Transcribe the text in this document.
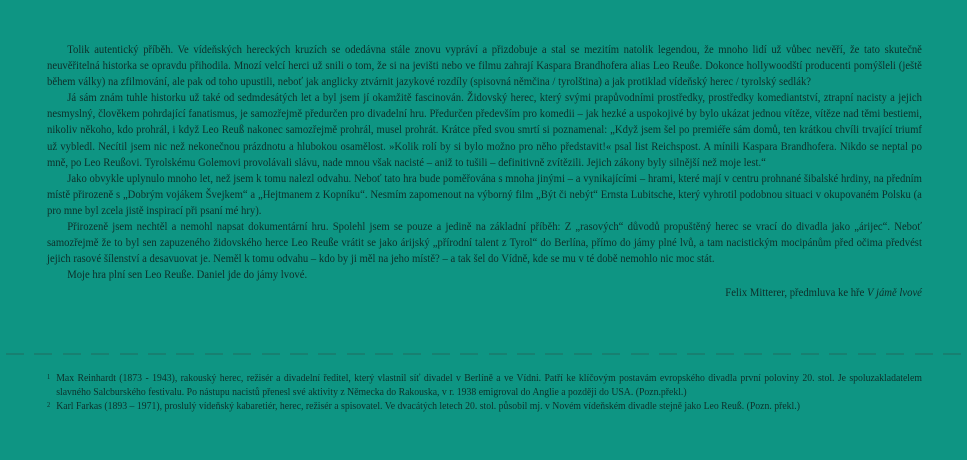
Tolik autentický příběh. Ve vídeňských hereckých kruzích se odedávna stále znovu vypráví a přizdobuje a stal se mezitím natolik legendou, že mnoho lidí už vůbec nevěří, že tato skutečně neuvěřitelná historka se opravdu přihodila. Mnozí velcí herci už snili o tom, že si na jevišti nebo ve filmu zahrají Kaspara Brandhofera alias Leo Reuße. Dokonce hollywoodští producenti pomýšleli (ještě během války) na zfilmování, ale pak od toho upustili, neboť jak anglicky ztvárnit jazykové rozdíly (spisovná němčina / tyrolština) a jak protiklad vídeňský herec / tyrolský sedlák?

Já sám znám tuhle historku už také od sedmdesátých let a byl jsem jí okamžitě fascinován. Židovský herec, který svými prapůvodními prostředky, prostředky komediantství, ztrapní nacisty a jejich nesmyslný, člověkem pohrdající fanatismus, je samozřejmě předurčen pro divadelní hru. Předurčen především pro komedii – jak hezké a uspokojivé by bylo ukázat jednou vítěze, vítěze nad těmi bestiemi, nikoliv někoho, kdo prohrál, i když Leo Reuß nakonec samozřejmě prohrál, musel prohrát. Krátce před svou smrtí si poznamenal: „Když jsem šel po premiéře sám domů, ten krátkou chvíli trvající triumf už vybledl. Necítil jsem nic než nekonečnou prázdnotu a hlubokou osamělost. »Kolik rolí by si bylo možno pro něho představit!« psal list Reichspost. A mínili Kaspara Brandhofera. Nikdo se neptal po mně, po Leo Reußovi. Tyrolskému Golemovi provolávali slávu, nade mnou však nacisté – aniž to tušili – definitivně zvítězili. Jejich zákony byly silnější než moje lest.“

Jako obvykle uplynulo mnoho let, než jsem k tomu nalezl odvahu. Neboť tato hra bude poměřována s mnoha jinými – a vynikajícími – hrami, které mají v centru prohnané šibalské hrdiny, na předním místě přirozeně s „Dobrým vojákem Švejkem“ a „Hejtmanem z Kopníku“. Nesmím zapomenout na výborný film „Být či nebýt“ Ernsta Lubitsche, který vyhrotil podobnou situaci v okupovaném Polsku (a pro mne byl zcela jistě inspirací při psaní mé hry).

Přirozeně jsem nechtěl a nemohl napsat dokumentární hru. Spolehl jsem se pouze a jedině na základní příběh: Z „rasových“ důvodů propuštěný herec se vrací do divadla jako „árijec“. Neboť samozřejmě že to byl sen zapuzeného židovského herce Leo Reuße vrátit se jako árijský „přírodní talent z Tyrol“ do Berlína, přímo do jámy plné lvů, a tam nacistickým mocipánům před očima předvést jejich rasové šílenství a desavuovat je. Neměl k tomu odvahu – kdo by ji měl na jeho místě? – a tak šel do Vídně, kde se mu v té době nemohlo nic moc stát.

Moje hra plní sen Leo Reuße. Daniel jde do jámy lvové.

Felix Mitterer, předmluva ke hře V jámě lvové

1 Max Reinhardt (1873 - 1943), rakouský herec, režisér a divadelní ředitel, který vlastnil síť divadel v Berlíně a ve Vídni. Patří ke klíčovým postavám evropského divadla první poloviny 20. stol. Je spoluzakladatelem slavného Salcburského festivalu. Po nástupu nacistů přenesl své aktivity z Německa do Rakouska, v r. 1938 emigroval do Anglie a později do USA. (Pozn.překl.)

2 Karl Farkas (1893 – 1971), proslulý vídeňský kabaretiér, herec, režisér a spisovatel. Ve dvacátých letech 20. stol. působil mj. v Novém vídeňském divadle stejně jako Leo Reuß. (Pozn. překl.)
